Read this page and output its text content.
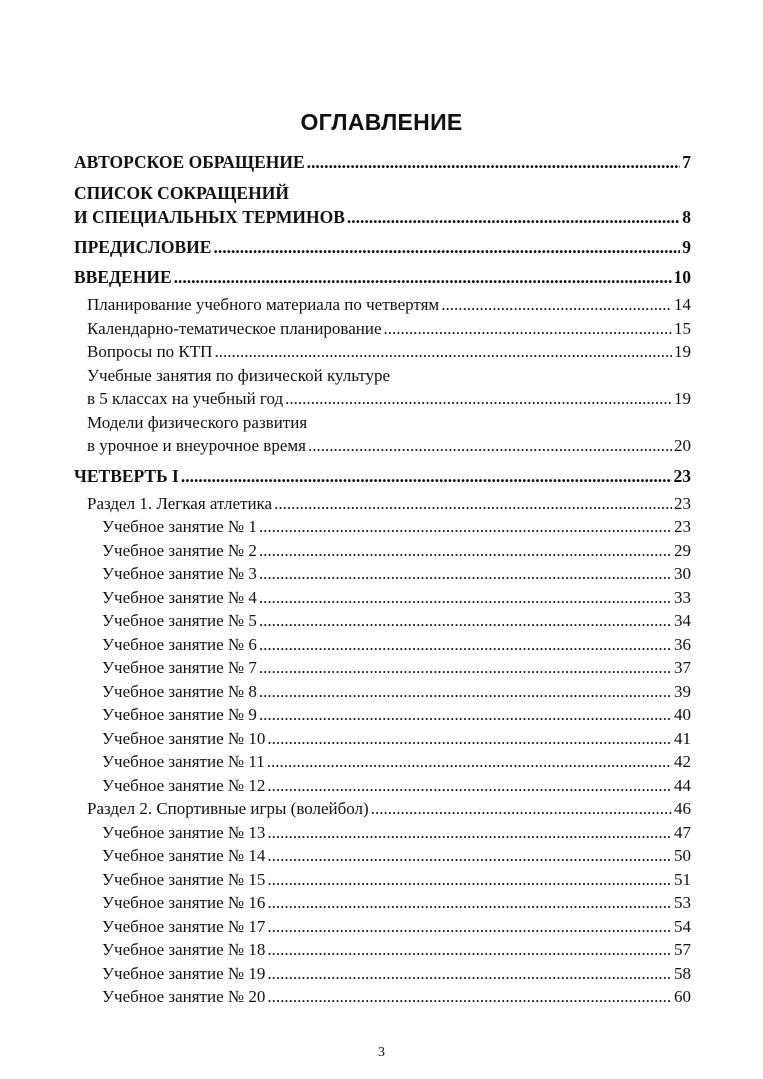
ОГЛАВЛЕНИЕ
АВТОРСКОЕ ОБРАЩЕНИЕ .....	7
СПИСОК СОКРАЩЕНИЙ
И СПЕЦИАЛЬНЫХ ТЕРМИНОВ .....	8
ПРЕДИСЛОВИЕ .....	9
ВВЕДЕНИЕ .....	10
Планирование учебного материала по четвертям .....	14
Календарно-тематическое планирование .....	15
Вопросы по КТП .....	19
Учебные занятия по физической культуре
в 5 классах на учебный год .....	19
Модели физического развития
в урочное и внеурочное время .....	20
ЧЕТВЕРТЬ I .....	23
Раздел 1. Легкая атлетика .....	23
Учебное занятие № 1 .....	23
Учебное занятие № 2 .....	29
Учебное занятие № 3 .....	30
Учебное занятие № 4 .....	33
Учебное занятие № 5 .....	34
Учебное занятие № 6 .....	36
Учебное занятие № 7 .....	37
Учебное занятие № 8 .....	39
Учебное занятие № 9 .....	40
Учебное занятие № 10 .....	41
Учебное занятие № 11 .....	42
Учебное занятие № 12 .....	44
Раздел 2. Спортивные игры (волейбол) .....	46
Учебное занятие № 13 .....	47
Учебное занятие № 14 .....	50
Учебное занятие № 15 .....	51
Учебное занятие № 16 .....	53
Учебное занятие № 17 .....	54
Учебное занятие № 18 .....	57
Учебное занятие № 19 .....	58
Учебное занятие № 20 .....	60
3
